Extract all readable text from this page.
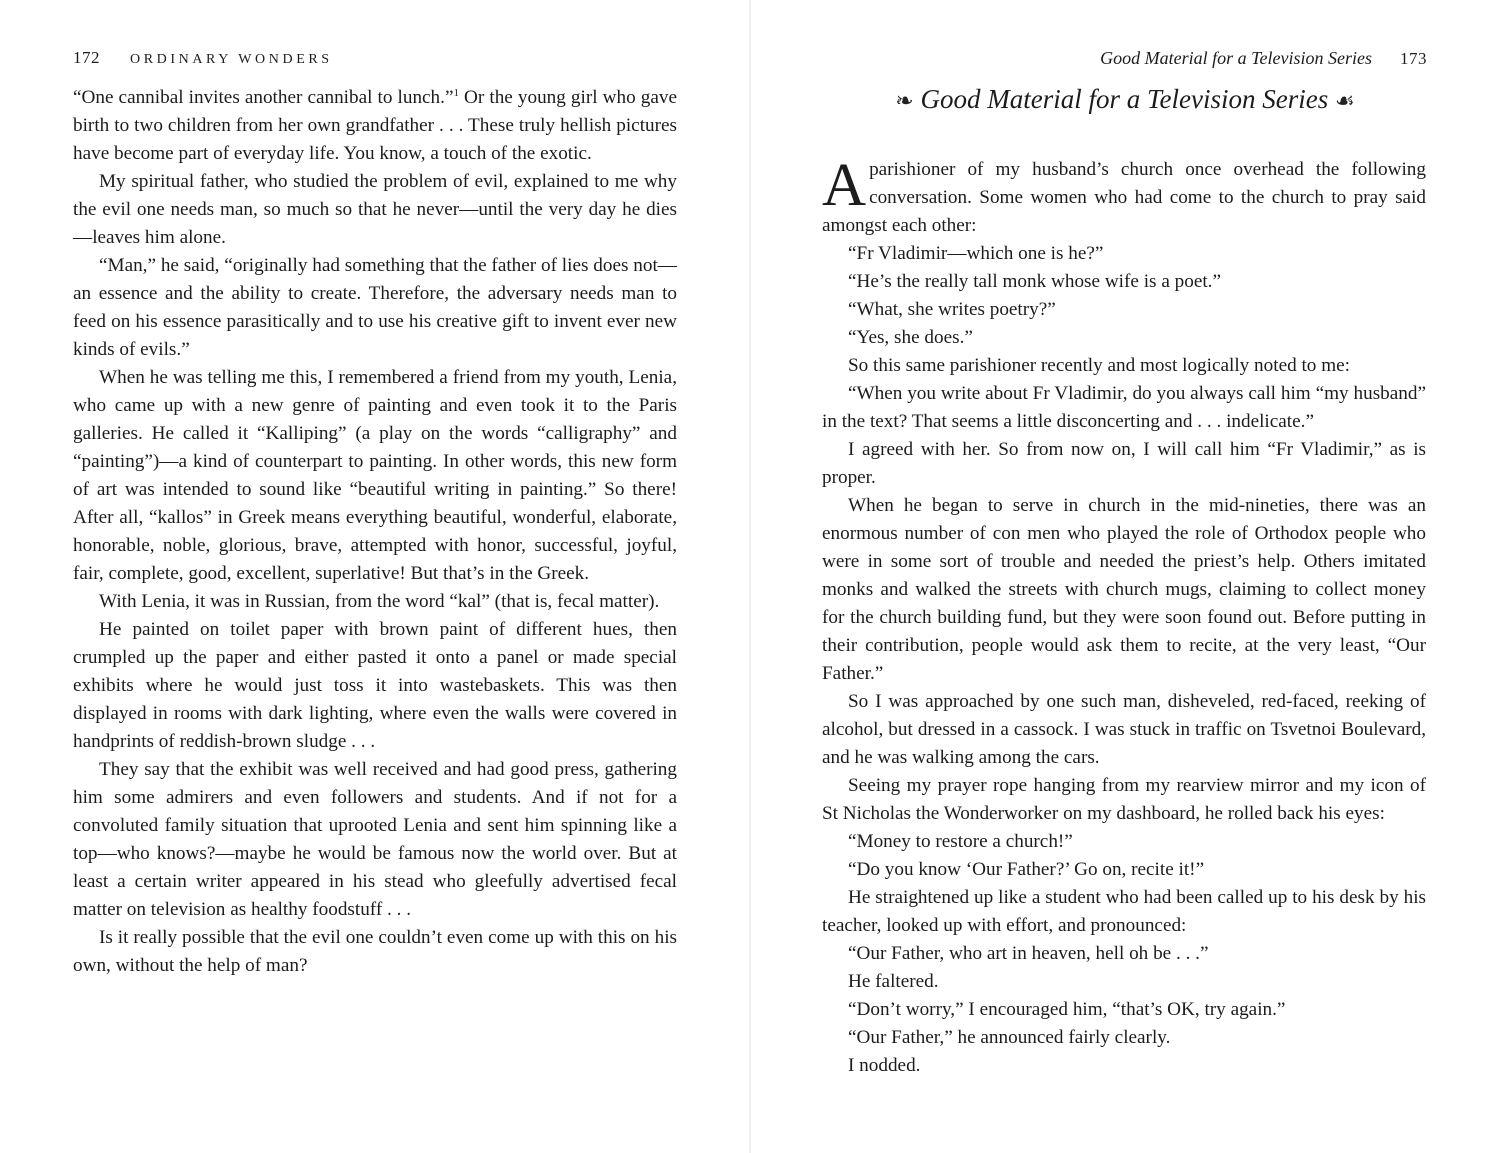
172 ORDINARY WONDERS

“One cannibal invites another cannibal to lunch.”$^1$ Or the young girl who gave birth to two children from her own grandfather . . . These truly hellish pictures have become part of everyday life. You know, a touch of the exotic.

My spiritual father, who studied the problem of evil, explained to me why the evil one needs man, so much so that he never—until the very day he dies—leaves him alone.

“Man,” he said, “originally had something that the father of lies does not—an essence and the ability to create. Therefore, the adversary needs man to feed on his essence parasitically and to use his creative gift to invent ever new kinds of evils.”

When he was telling me this, I remembered a friend from my youth, Lenia, who came up with a new genre of painting and even took it to the Paris galleries. He called it “Kalliping” (a play on the words “calligraphy” and “painting”)—a kind of counterpart to painting. In other words, this new form of art was intended to sound like “beautiful writing in painting.” So there! After all, “kallos” in Greek means everything beautiful, wonderful, elaborate, honorable, noble, glorious, brave, attempted with honor, successful, joyful, fair, complete, good, excellent, superlative! But that’s in the Greek.

With Lenia, it was in Russian, from the word “kal” (that is, fecal matter).

He painted on toilet paper with brown paint of different hues, then crumpled up the paper and either pasted it onto a panel or made special exhibits where he would just toss it into wastebaskets. This was then displayed in rooms with dark lighting, where even the walls were covered in handprints of reddish-brown sludge . . .

They say that the exhibit was well received and had good press, gathering him some admirers and even followers and students. And if not for a convoluted family situation that uprooted Lenia and sent him spinning like a top—who knows?—maybe he would be famous now the world over. But at least a certain writer appeared in his stead who gleefully advertised fecal matter on television as healthy foodstuff . . .

Is it really possible that the evil one couldn’t even come up with this on his own, without the help of man?

Good Material for a Television Series 173
❧ Good Material for a Television Series ☙

Aparishioner of my husband’s church once overhead the following conversation. Some women who had come to the church to pray said amongst each other:

“Fr Vladimir—which one is he?”

“He’s the really tall monk whose wife is a poet.”

“What, she writes poetry?”

“Yes, she does.”

So this same parishioner recently and most logically noted to me:

“When you write about Fr Vladimir, do you always call him “my husband” in the text? That seems a little disconcerting and . . . indelicate.”

I agreed with her. So from now on, I will call him “Fr Vladimir,” as is proper.

When he began to serve in church in the mid-nineties, there was an enormous number of con men who played the role of Orthodox people who were in some sort of trouble and needed the priest’s help. Others imitated monks and walked the streets with church mugs, claiming to collect money for the church building fund, but they were soon found out. Before putting in their contribution, people would ask them to recite, at the very least, “Our Father.”

So I was approached by one such man, disheveled, red-faced, reeking of alcohol, but dressed in a cassock. I was stuck in traffic on Tsvetnoi Boulevard, and he was walking among the cars.

Seeing my prayer rope hanging from my rearview mirror and my icon of St Nicholas the Wonderworker on my dashboard, he rolled back his eyes:

“Money to restore a church!”

“Do you know ‘Our Father?’ Go on, recite it!”

He straightened up like a student who had been called up to his desk by his teacher, looked up with effort, and pronounced:

“Our Father, who art in heaven, hell oh be . . .”

He faltered.

“Don’t worry,” I encouraged him, “that’s OK, try again.”

“Our Father,” he announced fairly clearly.

I nodded.
